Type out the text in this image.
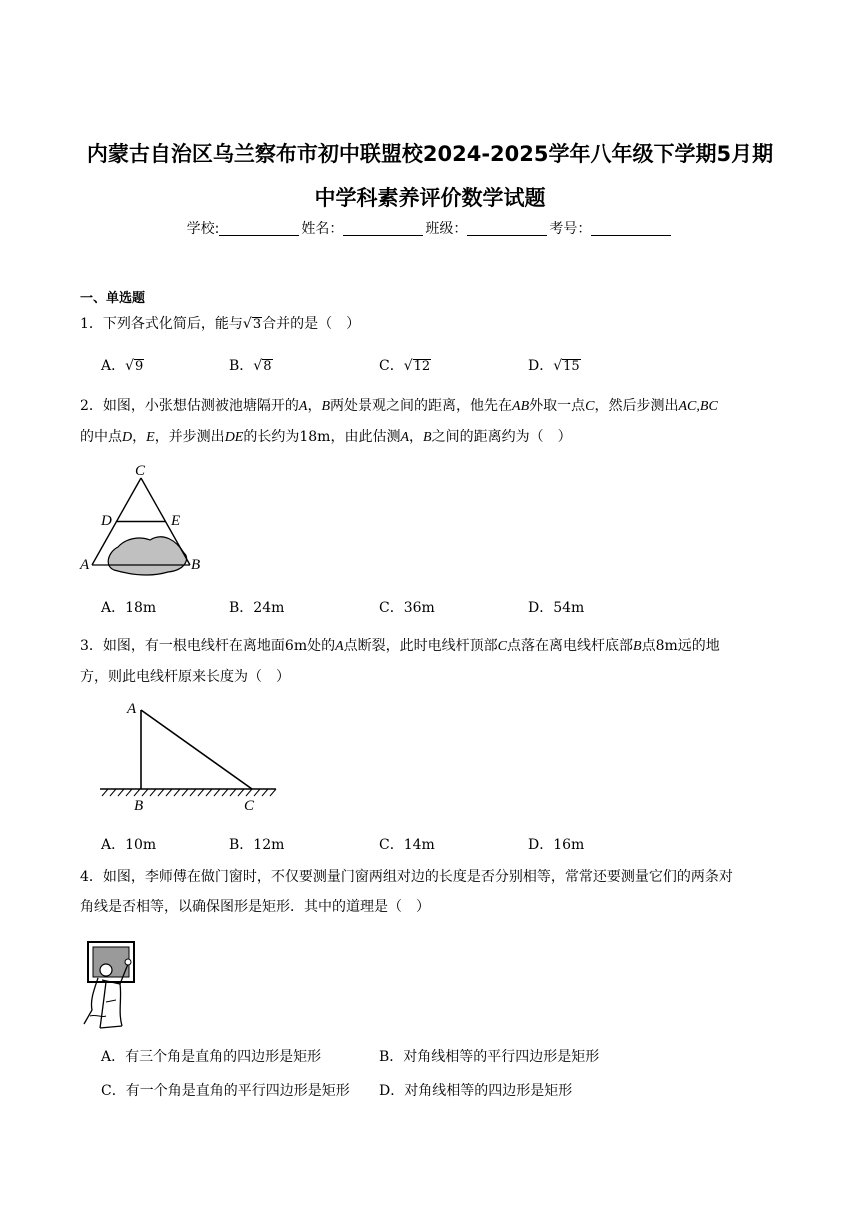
内蒙古自治区乌兰察布市初中联盟校2024-2025学年八年级下学期5月期
中学科素养评价数学试题
学校:	姓名：	班级：	考号：
一、单选题
1．下列各式化简后，能与√3合并的是（　）
A．√9	B．√8	C．√12	D．√15
2．如图，小张想估测被池塘隔开的A，B两处景观之间的距离，他先在AB外取一点C，然后步测出AC,BC
的中点D，E，并步测出DE的长约为18m，由此估测A，B之间的距离约为（　）
C
D	E
A	B
A．18m	B．24m	C．36m	D．54m
3．如图，有一根电线杆在离地面6m处的A点断裂，此时电线杆顶部C点落在离电线杆底部B点8m远的地
方，则此电线杆原来长度为（　）
A
B	C
A．10m	B．12m	C．14m	D．16m
4．如图，李师傅在做门窗时，不仅要测量门窗两组对边的长度是否分别相等，常常还要测量它们的两条对
角线是否相等，以确保图形是矩形．其中的道理是（　）
A．有三个角是直角的四边形是矩形	B．对角线相等的平行四边形是矩形
C．有一个角是直角的平行四边形是矩形 D．对角线相等的四边形是矩形
